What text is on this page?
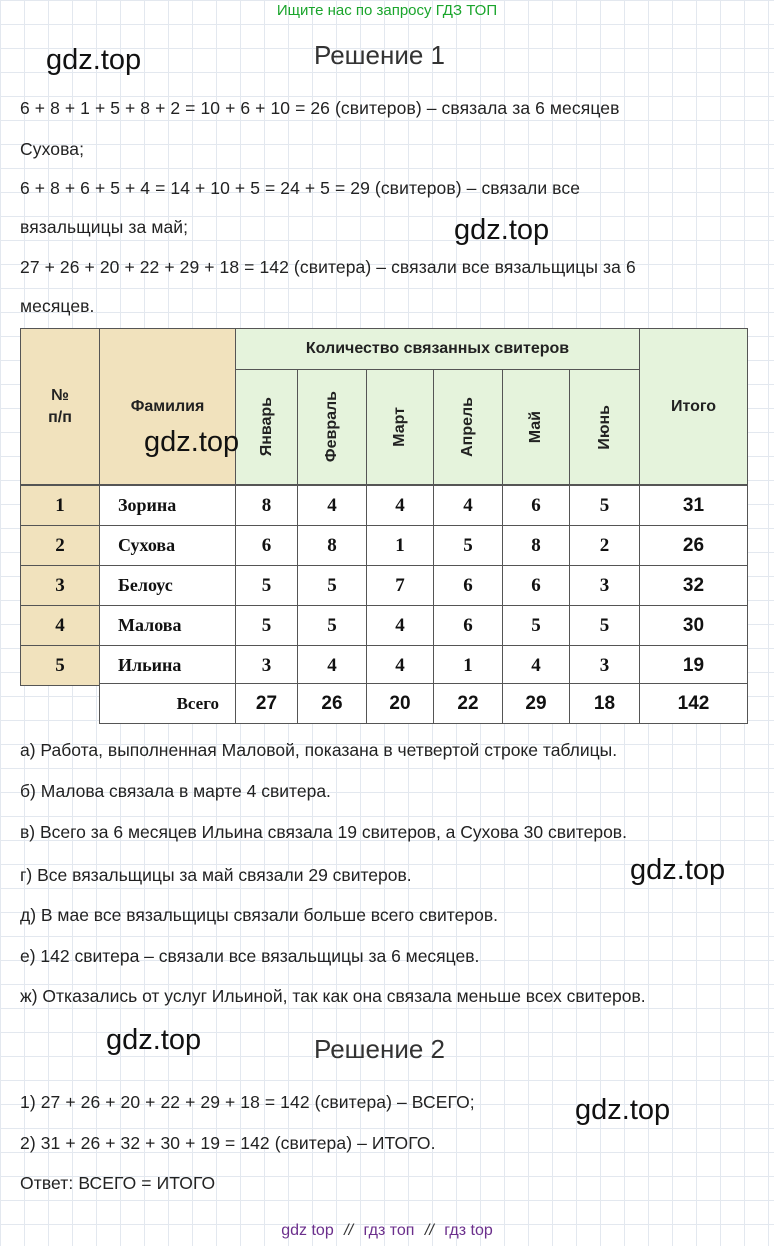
Ищите нас по запросу ГДЗ ТОП
gdz.top	Решение 1
6 + 8 + 1 + 5 + 8 + 2 = 10 + 6 + 10 = 26 (свитеров) – связала за 6 месяцев
Сухова;
6 + 8 + 6 + 5 + 4 = 14 + 10 + 5 = 24 + 5 = 29 (свитеров) – связали все
вязальщицы за май;	gdz.top
27 + 26 + 20 + 22 + 29 + 18 = 142 (свитера) – связали все вязальщицы за 6
месяцев.
№
п/п
Фамилия
Количество связанных свитеров
Итого
Январь	Февраль	Март	Апрель	Май	Июнь
1	Зорина	8	4	4	4	6	5	31
2	Сухова	6	8	1	5	8	2	26
3	Белоус	5	5	7	6	6	3	32
4	Малова	5	5	4	6	5	5	30
5	Ильина	3	4	4	1	4	3	19
Всего	27	26	20	22	29	18	142
gdz.top
а) Работа, выполненная Маловой, показана в четвертой строке таблицы.
б) Малова связала в марте 4 свитера.
в) Всего за 6 месяцев Ильина связала 19 свитеров, а Сухова 30 свитеров.
г) Все вязальщицы за май связали 29 свитеров.	gdz.top
д) В мае все вязальщицы связали больше всего свитеров.
е) 142 свитера – связали все вязальщицы за 6 месяцев.
ж) Отказались от услуг Ильиной, так как она связала меньше всех свитеров.
gdz.top	Решение 2
1) 27 + 26 + 20 + 22 + 29 + 18 = 142 (свитера) – ВСЕГО;	gdz.top
2) 31 + 26 + 32 + 30 + 19 = 142 (свитера) – ИТОГО.
Ответ: ВСЕГО = ИТОГО
gdz top // гдз топ // гдз top
